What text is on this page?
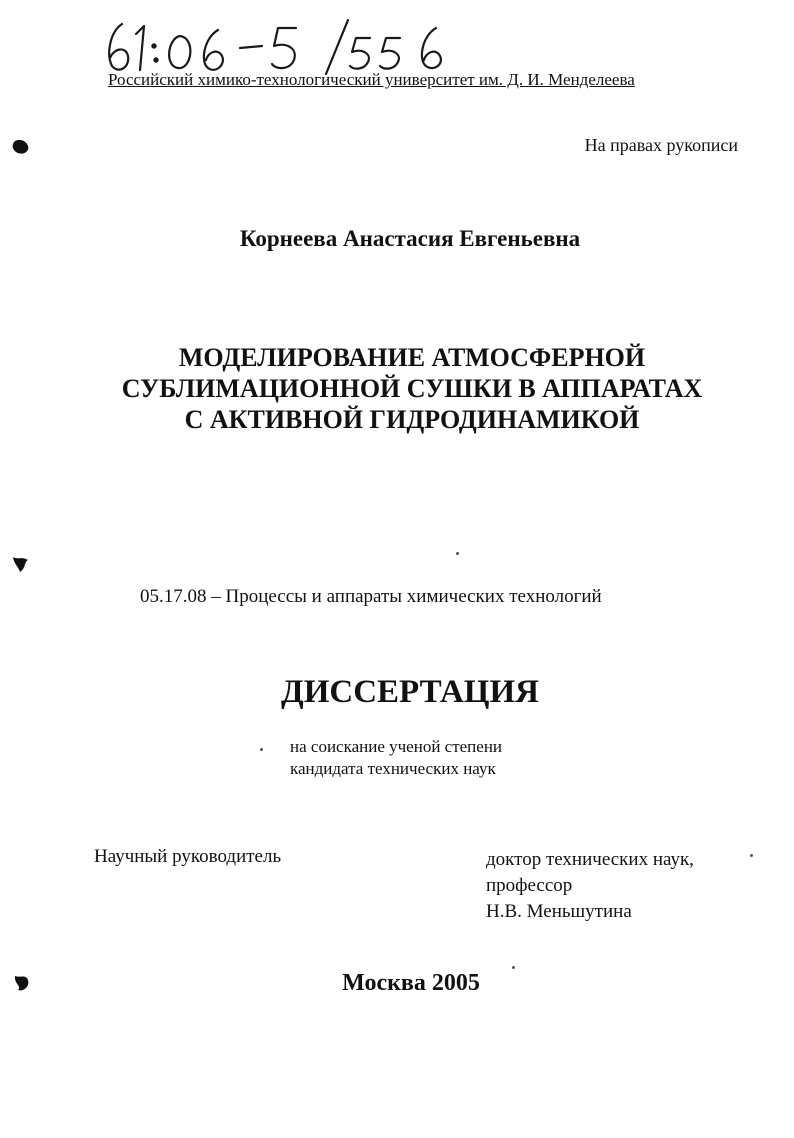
Российский химико-технологический университет им. Д. И. Менделеева
На правах рукописи
Корнеева Анастасия Евгеньевна
МОДЕЛИРОВАНИЕ АТМОСФЕРНОЙ
СУБЛИМАЦИОННОЙ СУШКИ В АППАРАТАХ
С АКТИВНОЙ ГИДРОДИНАМИКОЙ
05.17.08 – Процессы и аппараты химических технологий
ДИССЕРТАЦИЯ
на соискание ученой степени
кандидата технических наук
Научный руководитель	доктор технических наук,
профессор
Н.В. Меньшутина
Москва 2005
